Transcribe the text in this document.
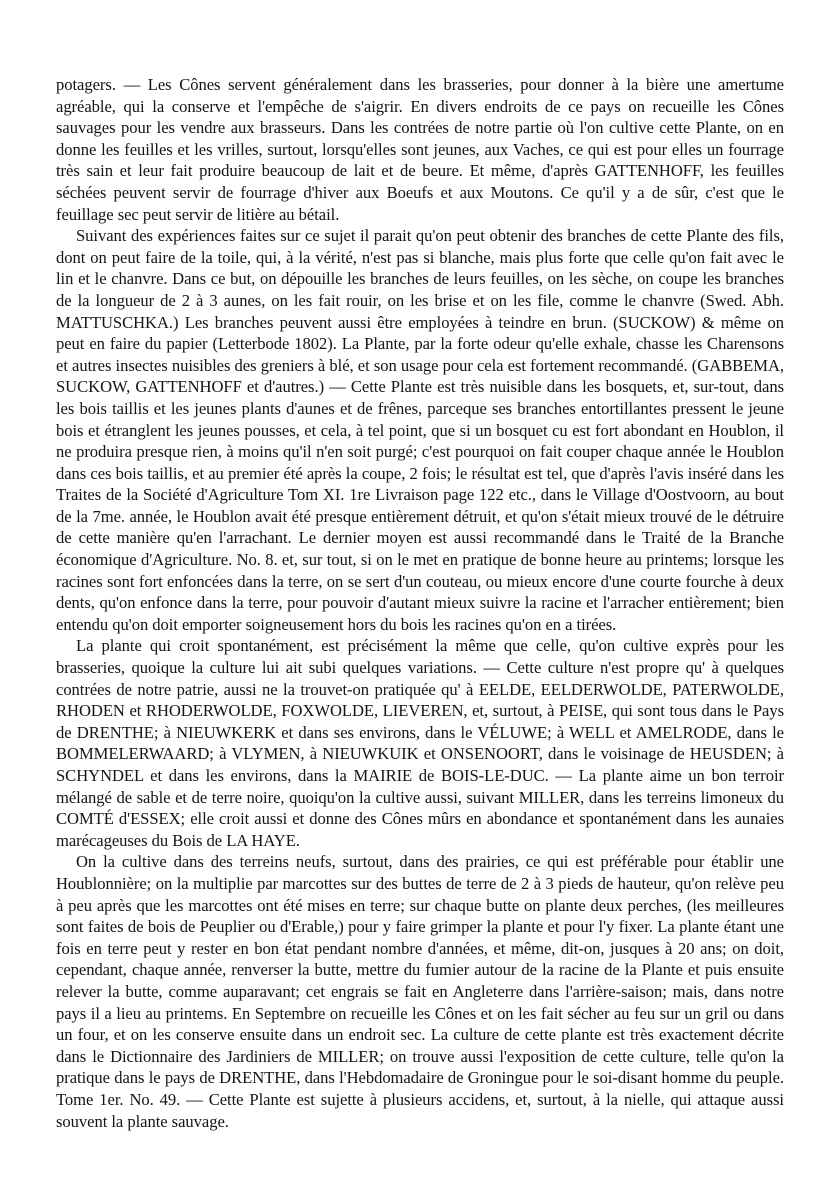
potagers. — Les Cônes servent généralement dans les brasseries, pour donner à la bière une amertume agréable, qui la conserve et l'empêche de s'aigrir. En divers endroits de ce pays on recueille les Cônes sauvages pour les vendre aux brasseurs. Dans les contrées de notre partie où l'on cultive cette Plante, on en donne les feuilles et les vrilles, surtout, lorsqu'elles sont jeunes, aux Vaches, ce qui est pour elles un fourrage très sain et leur fait produire beaucoup de lait et de beure. Et même, d'après GATTENHOFF, les feuilles séchées peuvent servir de fourrage d'hiver aux Boeufs et aux Moutons. Ce qu'il y a de sûr, c'est que le feuillage sec peut servir de litière au bétail.

Suivant des expériences faites sur ce sujet il parait qu'on peut obtenir des branches de cette Plante des fils, dont on peut faire de la toile, qui, à la vérité, n'est pas si blanche, mais plus forte que celle qu'on fait avec le lin et le chanvre. Dans ce but, on dépouille les branches de leurs feuilles, on les sèche, on coupe les branches de la longueur de 2 à 3 aunes, on les fait rouir, on les brise et on les file, comme le chanvre (Swed. Abh. MATTUSCHKA.) Les branches peuvent aussi être employées à teindre en brun. (SUCKOW) & même on peut en faire du papier (Letterbode 1802). La Plante, par la forte odeur qu'elle exhale, chasse les Charensons et autres insectes nuisibles des greniers à blé, et son usage pour cela est fortement recommandé. (GABBEMA, SUCKOW, GATTENHOFF et d'autres.) — Cette Plante est très nuisible dans les bosquets, et, sur-tout, dans les bois taillis et les jeunes plants d'aunes et de frênes, parceque ses branches entortillantes pressent le jeune bois et étranglent les jeunes pousses, et cela, à tel point, que si un bosquet cu est fort abondant en Houblon, il ne produira presque rien, à moins qu'il n'en soit purgé; c'est pourquoi on fait couper chaque année le Houblon dans ces bois taillis, et au premier été après la coupe, 2 fois; le résultat est tel, que d'après l'avis inséré dans les Traites de la Société d'Agriculture Tom XI. 1re Livraison page 122 etc., dans le Village d'Oostvoorn, au bout de la 7me. année, le Houblon avait été presque entièrement détruit, et qu'on s'était mieux trouvé de le détruire de cette manière qu'en l'arrachant. Le dernier moyen est aussi recommandé dans le Traité de la Branche économique d'Agriculture. No. 8. et, sur tout, si on le met en pratique de bonne heure au printems; lorsque les racines sont fort enfoncées dans la terre, on se sert d'un couteau, ou mieux encore d'une courte fourche à deux dents, qu'on enfonce dans la terre, pour pouvoir d'autant mieux suivre la racine et l'arracher entièrement; bien entendu qu'on doit emporter soigneusement hors du bois les racines qu'on en a tirées.

La plante qui croit spontanément, est précisément la même que celle, qu'on cultive exprès pour les brasseries, quoique la culture lui ait subi quelques variations. — Cette culture n'est propre qu' à quelques contrées de notre patrie, aussi ne la trouvet-on pratiquée qu' à EELDE, EELDERWOLDE, PATERWOLDE, RHODEN et RHODERWOLDE, FOXWOLDE, LIEVEREN, et, surtout, à PEISE, qui sont tous dans le Pays de DRENTHE; à NIEUWKERK et dans ses environs, dans le VÉLUWE; à WELL et AMELRODE, dans le BOMMELERWAARD; à VLYMEN, à NIEUWKUIK et ONSENOORT, dans le voisinage de HEUSDEN; à SCHYNDEL et dans les environs, dans la MAIRIE de BOIS-LE-DUC. — La plante aime un bon terroir mélangé de sable et de terre noire, quoiqu'on la cultive aussi, suivant MILLER, dans les terreins limoneux du COMTÉ d'ESSEX; elle croit aussi et donne des Cônes mûrs en abondance et spontanément dans les aunaies marécageuses du Bois de LA HAYE.

On la cultive dans des terreins neufs, surtout, dans des prairies, ce qui est préférable pour établir une Houblonnière; on la multiplie par marcottes sur des buttes de terre de 2 à 3 pieds de hauteur, qu'on relève peu à peu après que les marcottes ont été mises en terre; sur chaque butte on plante deux perches, (les meilleures sont faites de bois de Peuplier ou d'Erable,) pour y faire grimper la plante et pour l'y fixer. La plante étant une fois en terre peut y rester en bon état pendant nombre d'années, et même, dit-on, jusques à 20 ans; on doit, cependant, chaque année, renverser la butte, mettre du fumier autour de la racine de la Plante et puis ensuite relever la butte, comme auparavant; cet engrais se fait en Angleterre dans l'arrière-saison; mais, dans notre pays il a lieu au printems. En Septembre on recueille les Cônes et on les fait sécher au feu sur un gril ou dans un four, et on les conserve ensuite dans un endroit sec. La culture de cette plante est très exactement décrite dans le Dictionnaire des Jardiniers de MILLER; on trouve aussi l'exposition de cette culture, telle qu'on la pratique dans le pays de DRENTHE, dans l'Hebdomadaire de Groningue pour le soi-disant homme du peuple. Tome 1er. No. 49. — Cette Plante est sujette à plusieurs accidens, et, surtout, à la nielle, qui attaque aussi souvent la plante sauvage.
